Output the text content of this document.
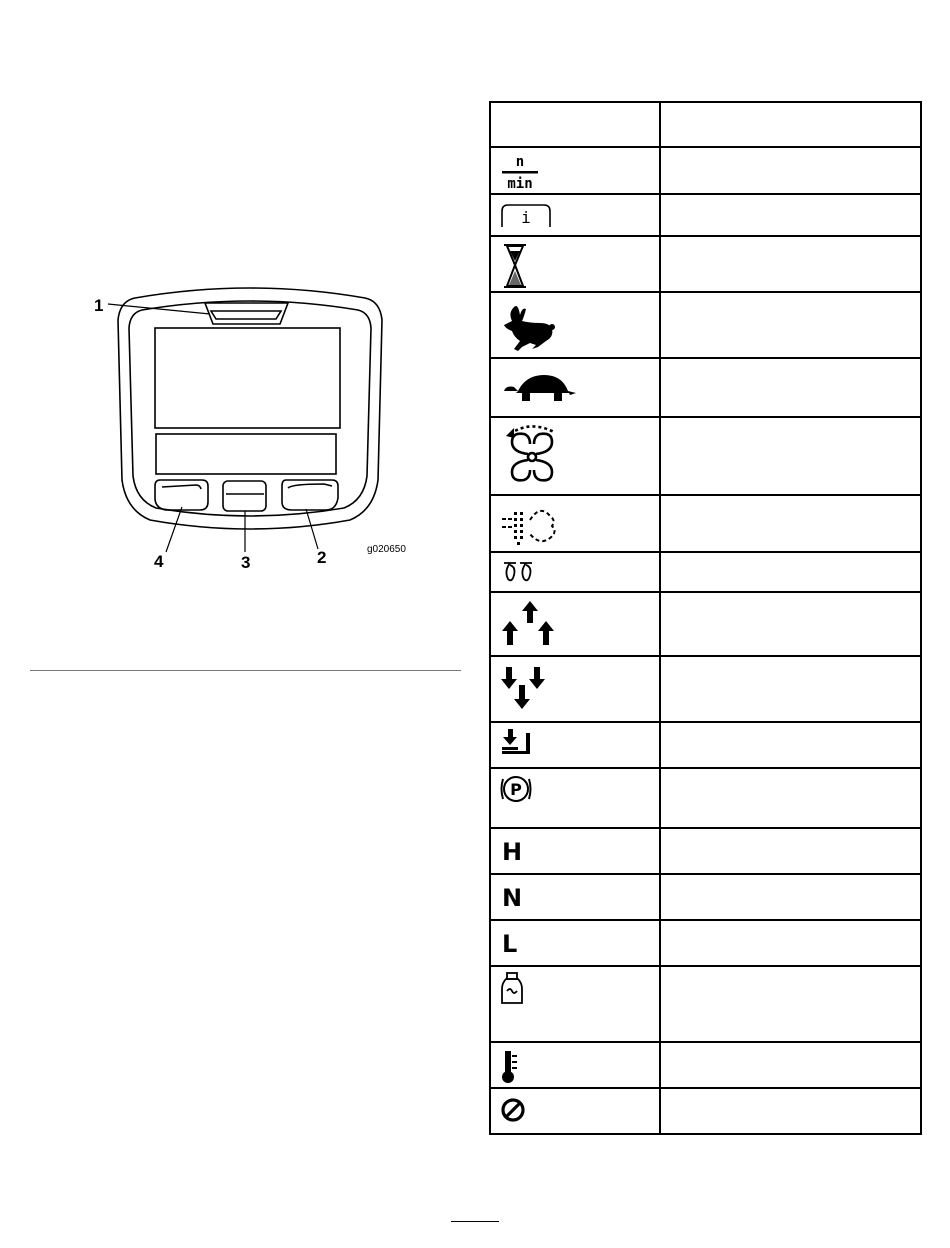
1
2
3
4
g020650

n
min	

i	

P	

H	

N	

L	
